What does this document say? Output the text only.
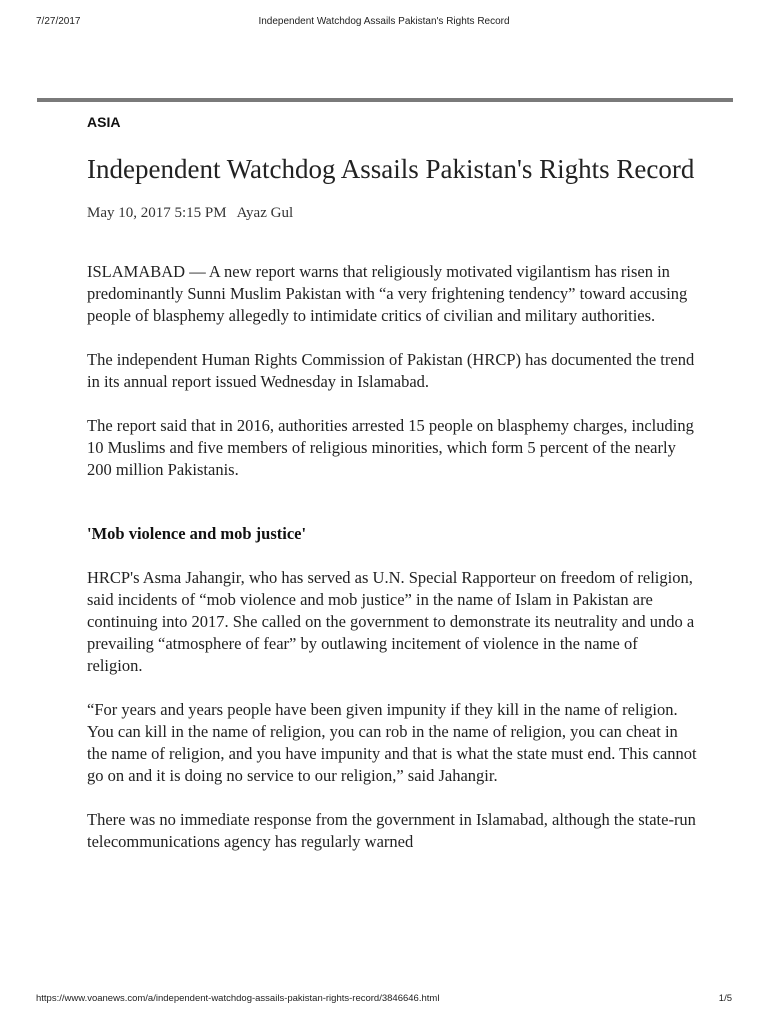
7/27/2017	Independent Watchdog Assails Pakistan's Rights Record
ASIA
Independent Watchdog Assails Pakistan's Rights Record
May 10, 2017 5:15 PM Ayaz Gul

ISLAMABAD — A new report warns that religiously motivated vigilantism has risen in predominantly Sunni Muslim Pakistan with “a very frightening tendency” toward accusing people of blasphemy allegedly to intimidate critics of civilian and military authorities.

The independent Human Rights Commission of Pakistan (HRCP) has documented the trend in its annual report issued Wednesday in Islamabad.

The report said that in 2016, authorities arrested 15 people on blasphemy charges, including 10 Muslims and five members of religious minorities, which form 5 percent of the nearly 200 million Pakistanis.

'Mob violence and mob justice'

HRCP's Asma Jahangir, who has served as U.N. Special Rapporteur on freedom of religion, said incidents of “mob violence and mob justice” in the name of Islam in Pakistan are continuing into 2017. She called on the government to demonstrate its neutrality and undo a prevailing “atmosphere of fear” by outlawing incitement of violence in the name of religion.

“For years and years people have been given impunity if they kill in the name of religion. You can kill in the name of religion, you can rob in the name of religion, you can cheat in the name of religion, and you have impunity and that is what the state must end. This cannot go on and it is doing no service to our religion,” said Jahangir.

There was no immediate response from the government in Islamabad, although the state-run telecommunications agency has regularly warned

https://www.voanews.com/a/independent-watchdog-assails-pakistan-rights-record/3846646.html	1/5
